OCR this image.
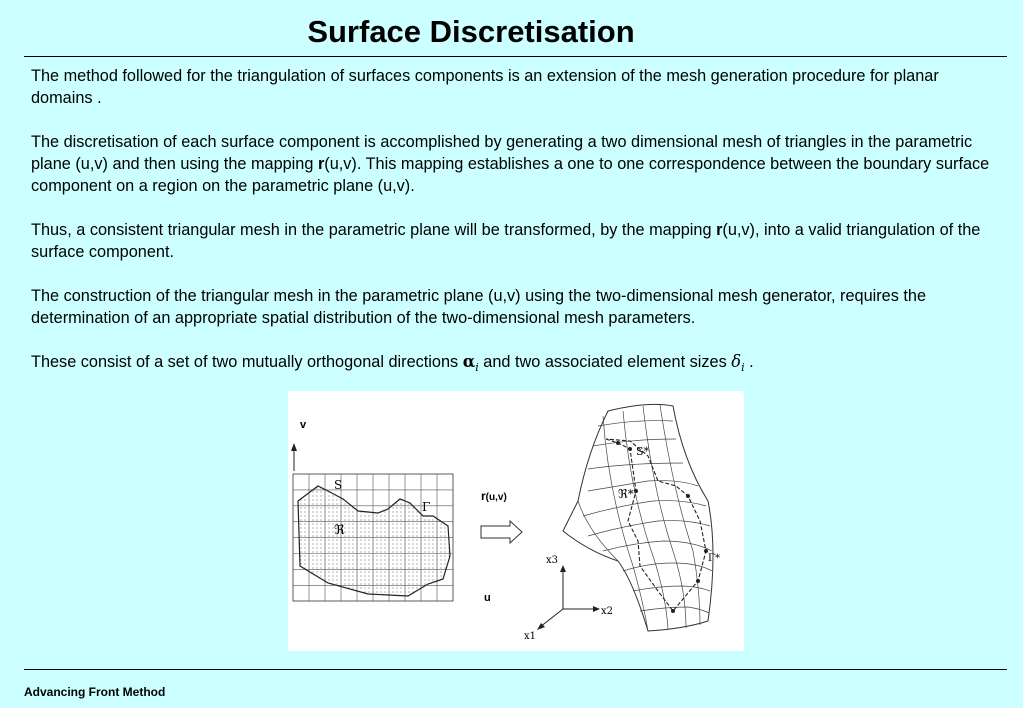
Surface Discretisation

The method followed for the triangulation of surfaces components is an extension of the mesh generation procedure for planar domains .

The discretisation of each surface component is accomplished by generating a two dimensional mesh of triangles in the parametric plane (u,v) and then using the mapping r(u,v). This mapping establishes a one to one correspondence between the boundary surface component on a region on the parametric plane (u,v).

Thus, a consistent triangular mesh in the parametric plane will be transformed, by the mapping r(u,v), into a valid triangulation of the surface component.

The construction of the triangular mesh in the parametric plane (u,v) using the two-dimensional mesh generator, requires the determination of an appropriate spatial distribution of the two-dimensional mesh parameters.

These consist of a set of two mutually orthogonal directions $\alpha_i$ and two associated element sizes $\delta_i$ .

v
u
S
Γ
ℜ
r(u,v)
S*
ℜ*
Γ*
x3
x2
x1
Advancing Front Method
